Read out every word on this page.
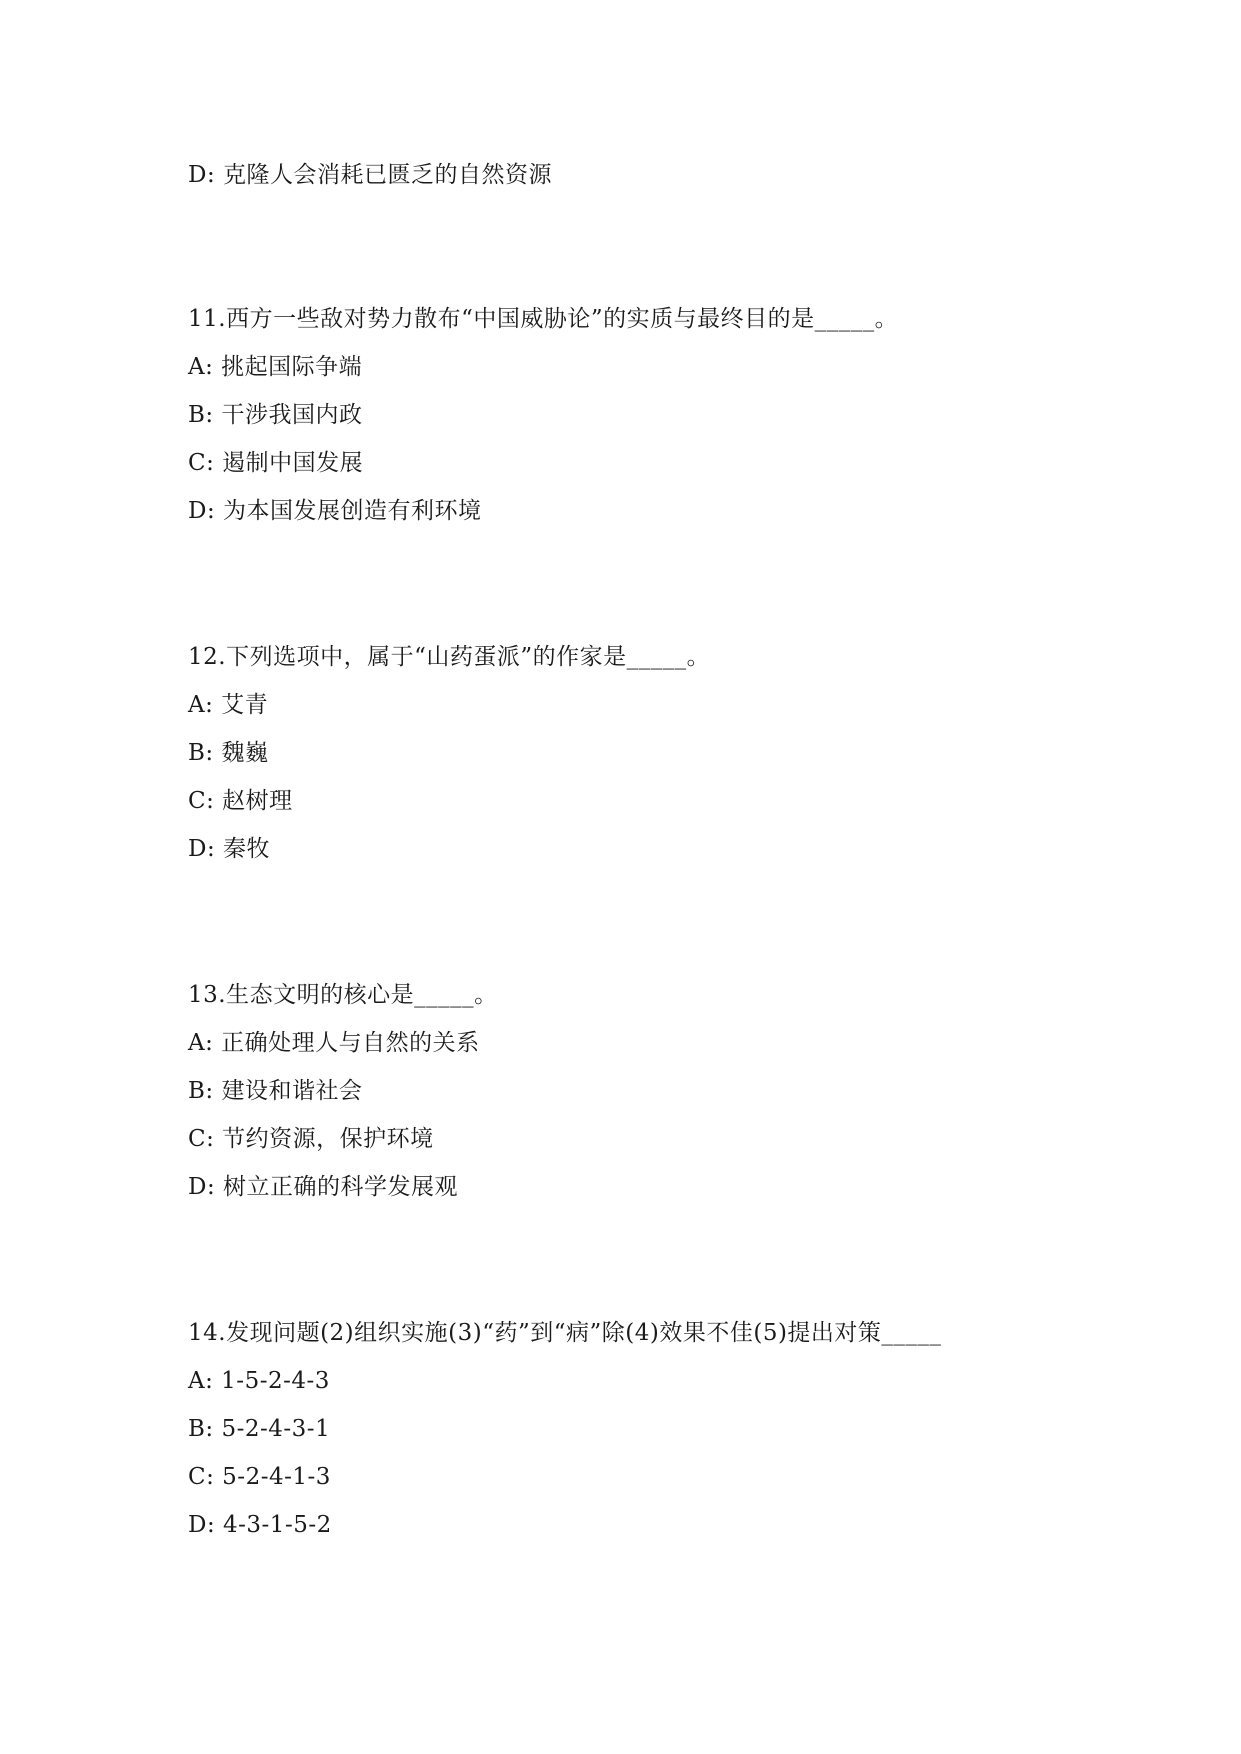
D: 克隆人会消耗已匮乏的自然资源
11.西方一些敌对势力散布“中国威胁论”的实质与最终目的是_____。
A: 挑起国际争端
B: 干涉我国内政
C: 遏制中国发展
D: 为本国发展创造有利环境
12.下列选项中，属于“山药蛋派”的作家是_____。
A: 艾青
B: 魏巍
C: 赵树理
D: 秦牧
13.生态文明的核心是_____。
A: 正确处理人与自然的关系
B: 建设和谐社会
C: 节约资源，保护环境
D: 树立正确的科学发展观
14.发现问题(2)组织实施(3)“药”到“病”除(4)效果不佳(5)提出对策_____
A: 1-5-2-4-3
B: 5-2-4-3-1
C: 5-2-4-1-3
D: 4-3-1-5-2
